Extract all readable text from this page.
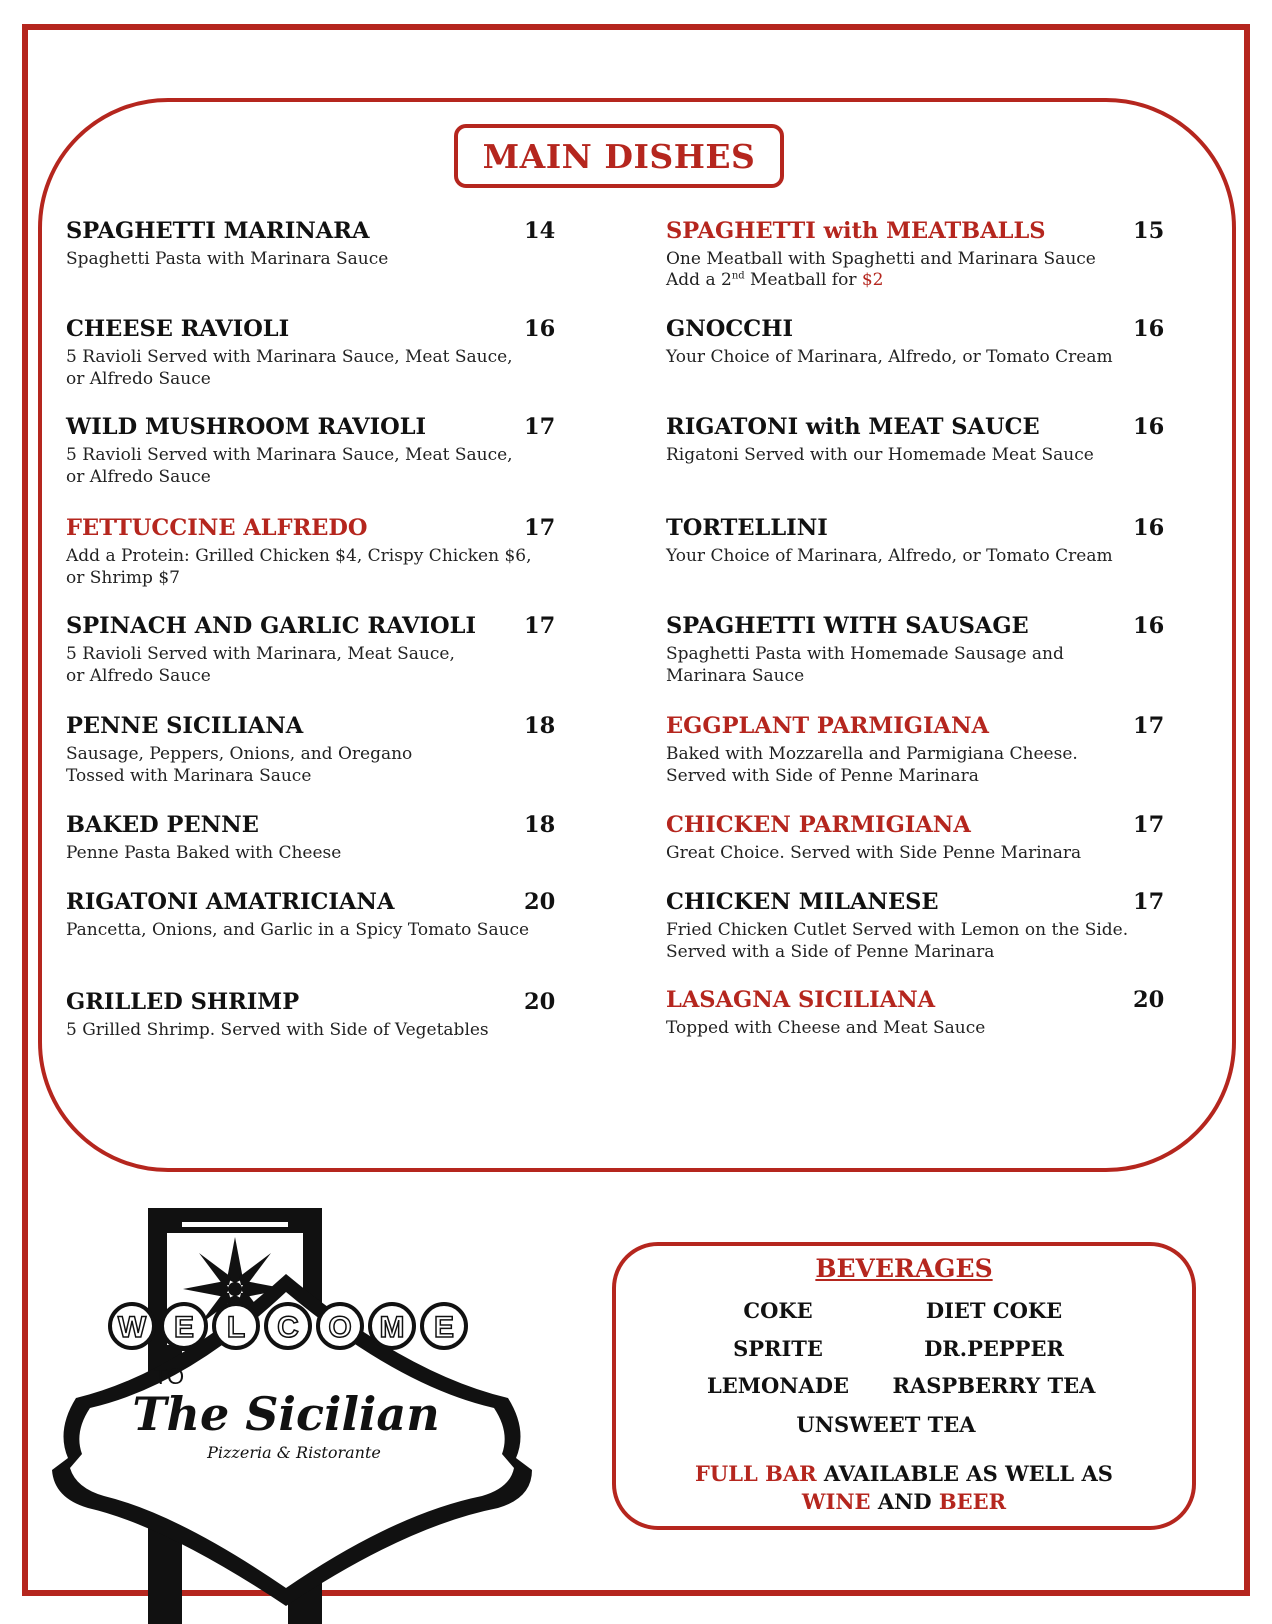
MAIN DISHES
SPAGHETTI MARINARA	14
Spaghetti Pasta with Marinara Sauce
CHEESE RAVIOLI	16
5 Ravioli Served with Marinara Sauce, Meat Sauce,
or Alfredo Sauce
WILD MUSHROOM RAVIOLI	17
5 Ravioli Served with Marinara Sauce, Meat Sauce,
or Alfredo Sauce
FETTUCCINE ALFREDO	17
Add a Protein: Grilled Chicken $4, Crispy Chicken $6,
or Shrimp $7
SPINACH AND GARLIC RAVIOLI 17
5 Ravioli Served with Marinara, Meat Sauce,
or Alfredo Sauce
PENNE SICILIANA	18
Sausage, Peppers, Onions, and Oregano
Tossed with Marinara Sauce
BAKED PENNE	18
Penne Pasta Baked with Cheese
RIGATONI AMATRICIANA	20
Pancetta, Onions, and Garlic in a Spicy Tomato Sauce
GRILLED SHRIMP	20
5 Grilled Shrimp. Served with Side of Vegetables
SPAGHETTI with MEATBALLS	15
One Meatball with Spaghetti and Marinara Sauce
Add a 2nd Meatball for $2
GNOCCHI	16
Your Choice of Marinara, Alfredo, or Tomato Cream
RIGATONI with MEAT SAUCE	16
Rigatoni Served with our Homemade Meat Sauce
TORTELLINI	16
Your Choice of Marinara, Alfredo, or Tomato Cream
SPAGHETTI WITH SAUSAGE	16
Spaghetti Pasta with Homemade Sausage and
Marinara Sauce
EGGPLANT PARMIGIANA	17
Baked with Mozzarella and Parmigiana Cheese.
Served with Side of Penne Marinara
CHICKEN PARMIGIANA	17
Great Choice. Served with Side Penne Marinara
CHICKEN MILANESE	17
Fried Chicken Cutlet Served with Lemon on the Side.
Served with a Side of Penne Marinara
LASAGNA SICILIANA	20
Topped with Cheese and Meat Sauce
W E L C O M E
TO
The Sicilian
Pizzeria & Ristorante
BEVERAGES
COKE	DIET COKE
SPRITE	DR.PEPPER
LEMONADE RASPBERRY TEA
UNSWEET TEA
FULL BAR AVAILABLE AS WELL AS
WINE AND BEER
